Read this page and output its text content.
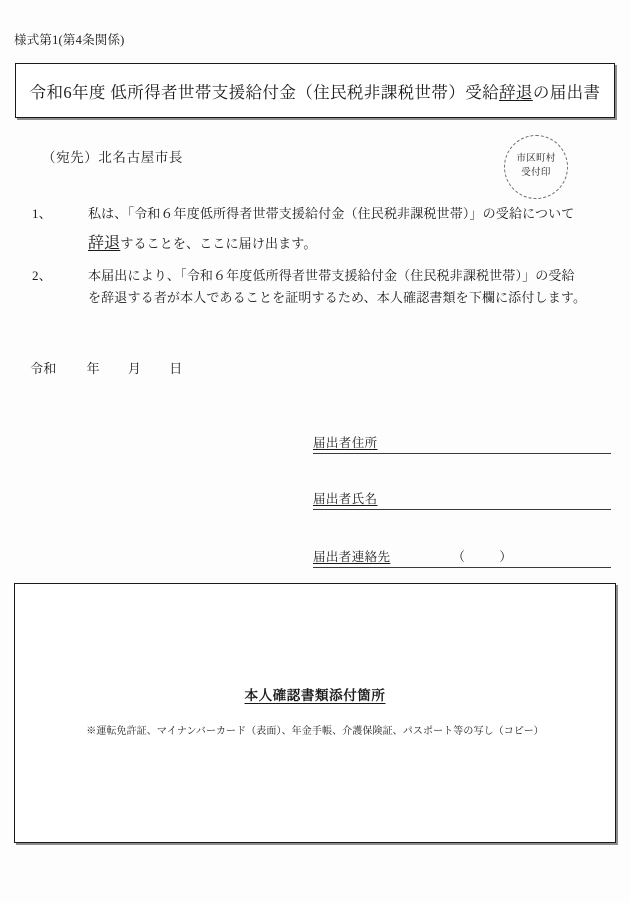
様式第1(第4条関係)
令和6年度 低所得者世帯支援給付金（住民税非課税世帯）受給辞退の届出書
（宛先）北名古屋市長	市区町村
受付印
1、	私は、「令和６年度低所得者世帯支援給付金（住民税非課税世帯）」の受給について
辞退することを、ここに届け出ます。
2、	本届出により、「令和６年度低所得者世帯支援給付金（住民税非課税世帯）」の受給
を辞退する者が本人であることを証明するため、本人確認書類を下欄に添付します。
令和 年 月 日
届出者住所
届出者氏名
届出者連絡先	（	）
本人確認書類添付箇所
※運転免許証、マイナンバーカード（表面）、年金手帳、介護保険証、パスポート等の写し（コピー）
